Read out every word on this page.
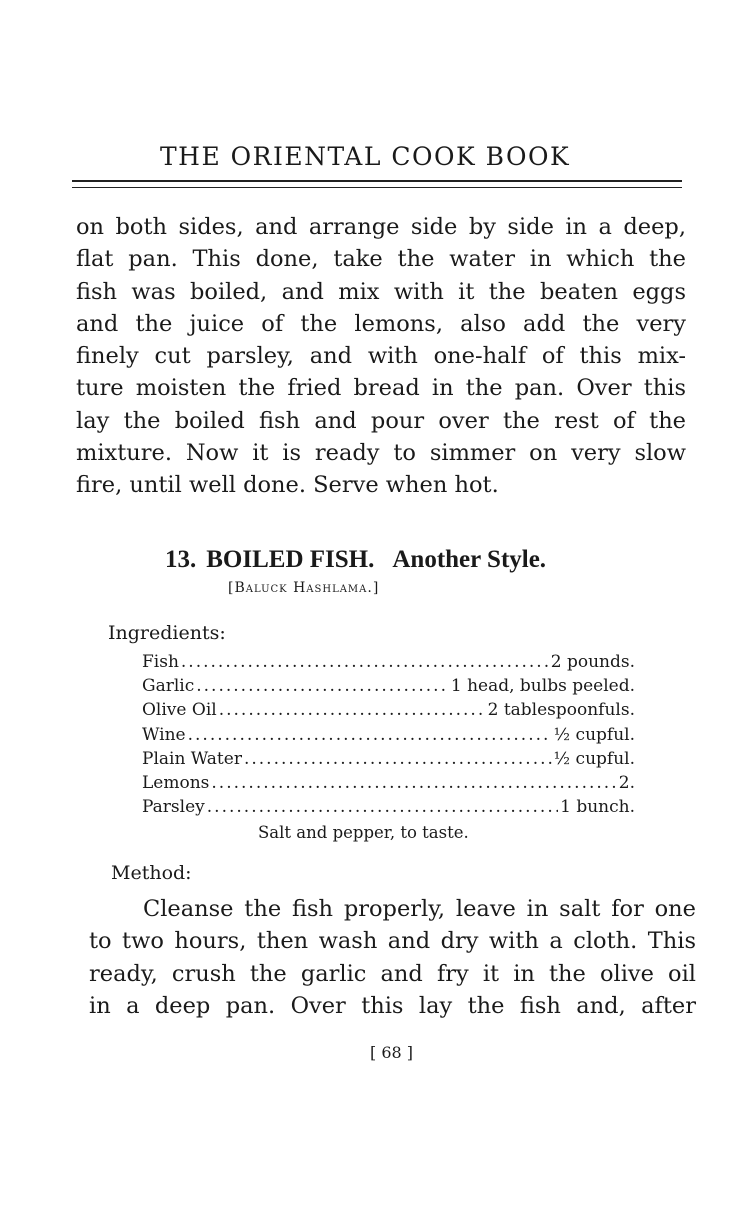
THE ORIENTAL COOK BOOK

on both sides, and arrange side by side in a deep,
flat pan. This done, take the water in which the
fish was boiled, and mix with it the beaten eggs
and the juice of the lemons, also add the very
finely cut parsley, and with one-half of this mix-
ture moisten the fried bread in the pan. Over this
lay the boiled fish and pour over the rest of the
mixture. Now it is ready to simmer on very slow
fire, until well done. Serve when hot.

13. BOILED FISH. Another Style.
[Baluck Hashlama.]
Ingredients:
Fish .....	2 pounds.
Garlic .....	1 head, bulbs peeled.
Olive Oil .....	2 tablespoonfuls.
Wine .....	½ cupful.
Plain Water .....	½ cupful.
Lemons .....	2.
Parsley .....	1 bunch.
Salt and pepper, to taste.
Method:

Cleanse the fish properly, leave in salt for one
to two hours, then wash and dry with a cloth. This
ready, crush the garlic and fry it in the olive oil
in a deep pan. Over this lay the fish and, after

[ 68 ]
